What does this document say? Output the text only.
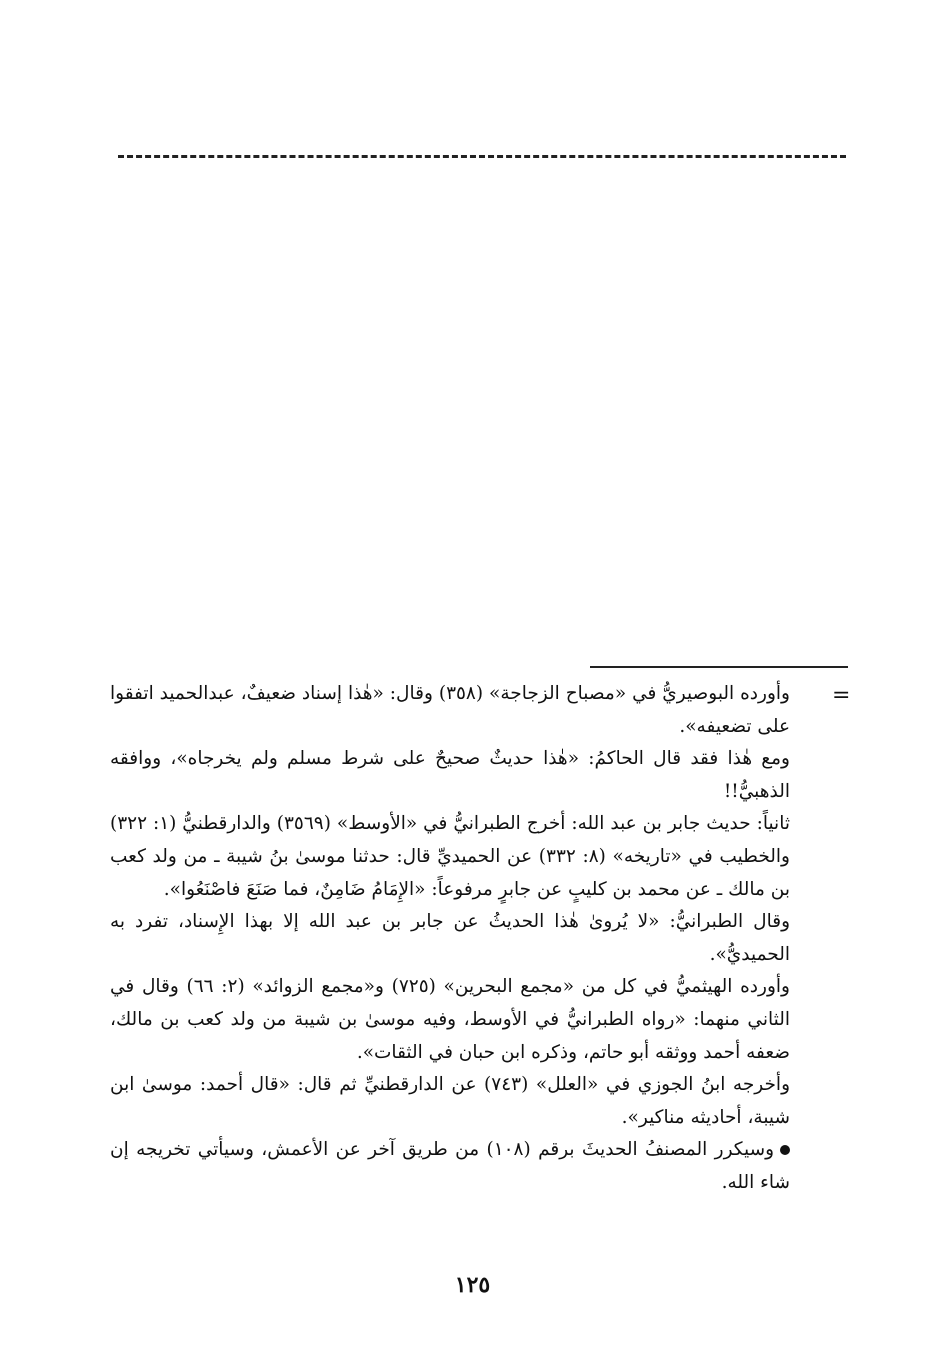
=

وأورده البوصيريُّ في «مصباح الزجاجة» (٣٥٨) وقال: «هٰذا إسناد ضعيفٌ، عبدالحميد اتفقوا على تضعيفه».

ومع هٰذا فقد قال الحاكمُ: «هٰذا حديثٌ صحيحٌ على شرط مسلم ولم يخرجاه»، ووافقه الذهبيُّ!!

ثانياً: حديث جابر بن عبد الله: أخرج الطبرانيُّ في «الأوسط» (٣٥٦٩) والدارقطنيُّ (١: ٣٢٢) والخطيب في «تاريخه» (٨: ٣٣٢) عن الحميديِّ قال: حدثنا موسىٰ بنُ شيبة ـ من ولد كعب بن مالك ـ عن محمد بن كليبٍ عن جابرٍ مرفوعاً: «الإِمَامُ ضَامِنٌ، فما صَنَعَ فاصْنَعُوا».

وقال الطبرانيُّ: «لا يُروىٰ هٰذا الحديثُ عن جابر بن عبد الله إلا بهذا الإِسناد، تفرد به الحميديُّ».

وأورده الهيثميُّ في كل من «مجمع البحرين» (٧٢٥) و«مجمع الزوائد» (٢: ٦٦) وقال في الثاني منهما: «رواه الطبرانيُّ في الأوسط، وفيه موسىٰ بن شيبة من ولد كعب بن مالك، ضعفه أحمد ووثقه أبو حاتم، وذكره ابن حبان في الثقات».

وأخرجه ابنُ الجوزي في «العلل» (٧٤٣) عن الدارقطنيِّ ثم قال: «قال أحمد: موسىٰ ابن شيبة، أحاديثه مناكير».

وسيكرر المصنفُ الحديثَ برقم (١٠٨) من طريق آخر عن الأعمش، وسيأتي تخريجه إن شاء الله.

١٢٥
